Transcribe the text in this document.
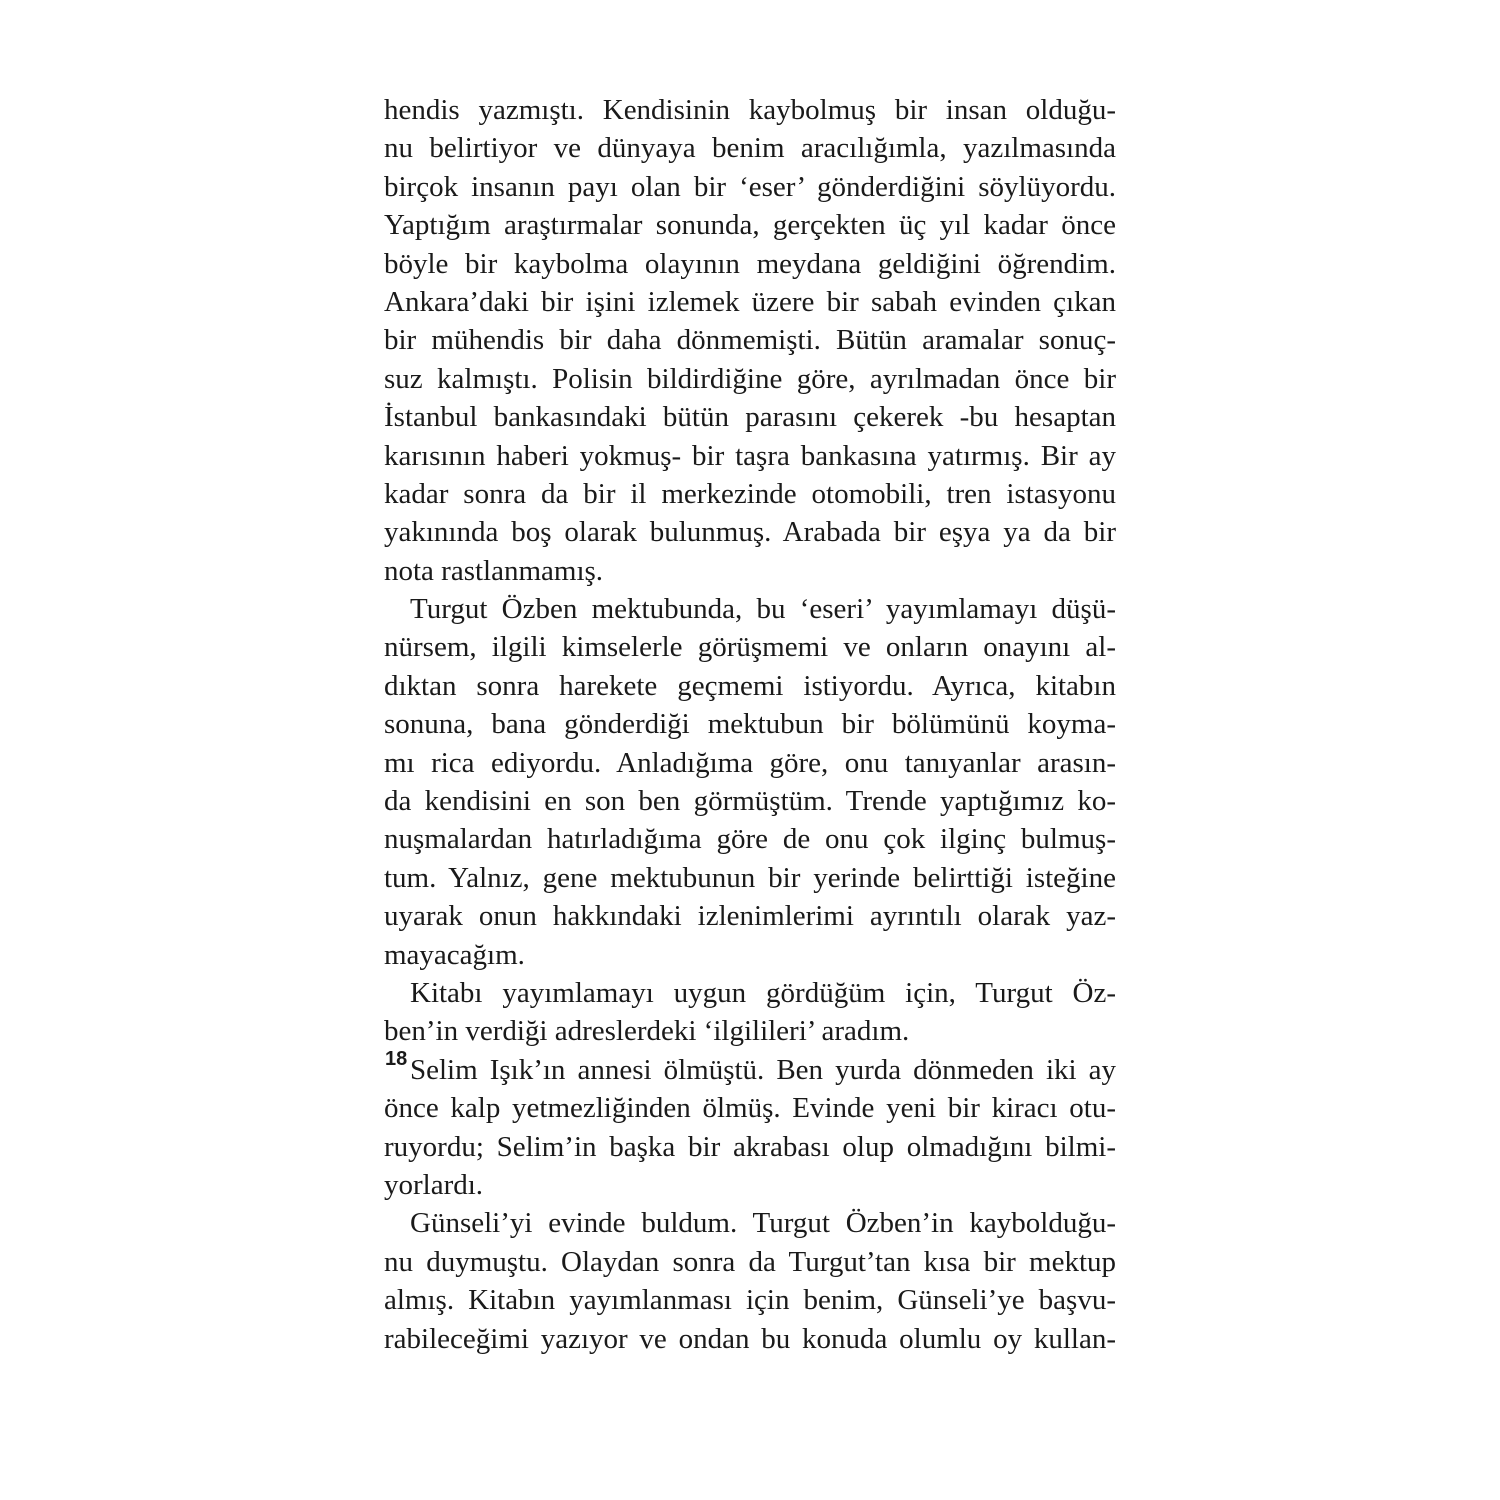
hendis yazmıştı. Kendisinin kaybolmuş bir insan olduğu-
nu belirtiyor ve dünyaya benim aracılığımla, yazılmasında
birçok insanın payı olan bir ‘eser’ gönderdiğini söylüyordu.
Yaptığım araştırmalar sonunda, gerçekten üç yıl kadar önce
böyle bir kaybolma olayının meydana geldiğini öğrendim.
Ankara’daki bir işini izlemek üzere bir sabah evinden çıkan
bir mühendis bir daha dönmemişti. Bütün aramalar sonuç-
suz kalmıştı. Polisin bildirdiğine göre, ayrılmadan önce bir
İstanbul bankasındaki bütün parasını çekerek -bu hesaptan
karısının haberi yokmuş- bir taşra bankasına yatırmış. Bir ay
kadar sonra da bir il merkezinde otomobili, tren istasyonu
yakınında boş olarak bulunmuş. Arabada bir eşya ya da bir
nota rastlanmamış.
Turgut Özben mektubunda, bu ‘eseri’ yayımlamayı düşü-
nürsem, ilgili kimselerle görüşmemi ve onların onayını al-
dıktan sonra harekete geçmemi istiyordu. Ayrıca, kitabın
sonuna, bana gönderdiği mektubun bir bölümünü koyma-
mı rica ediyordu. Anladığıma göre, onu tanıyanlar arasın-
da kendisini en son ben görmüştüm. Trende yaptığımız ko-
nuşmalardan hatırladığıma göre de onu çok ilginç bulmuş-
tum. Yalnız, gene mektubunun bir yerinde belirttiği isteğine
uyarak onun hakkındaki izlenimlerimi ayrıntılı olarak yaz-
mayacağım.
Kitabı yayımlamayı uygun gördüğüm için, Turgut Öz-
ben’in verdiği adreslerdeki ‘ilgilileri’ aradım.
Selim Işık’ın annesi ölmüştü. Ben yurda dönmeden iki ay
önce kalp yetmezliğinden ölmüş. Evinde yeni bir kiracı otu-
ruyordu; Selim’in başka bir akrabası olup olmadığını bilmi-
yorlardı.
Günseli’yi evinde buldum. Turgut Özben’in kaybolduğu-
nu duymuştu. Olaydan sonra da Turgut’tan kısa bir mektup
almış. Kitabın yayımlanması için benim, Günseli’ye başvu-
rabileceğimi yazıyor ve ondan bu konuda olumlu oy kullan-
18
